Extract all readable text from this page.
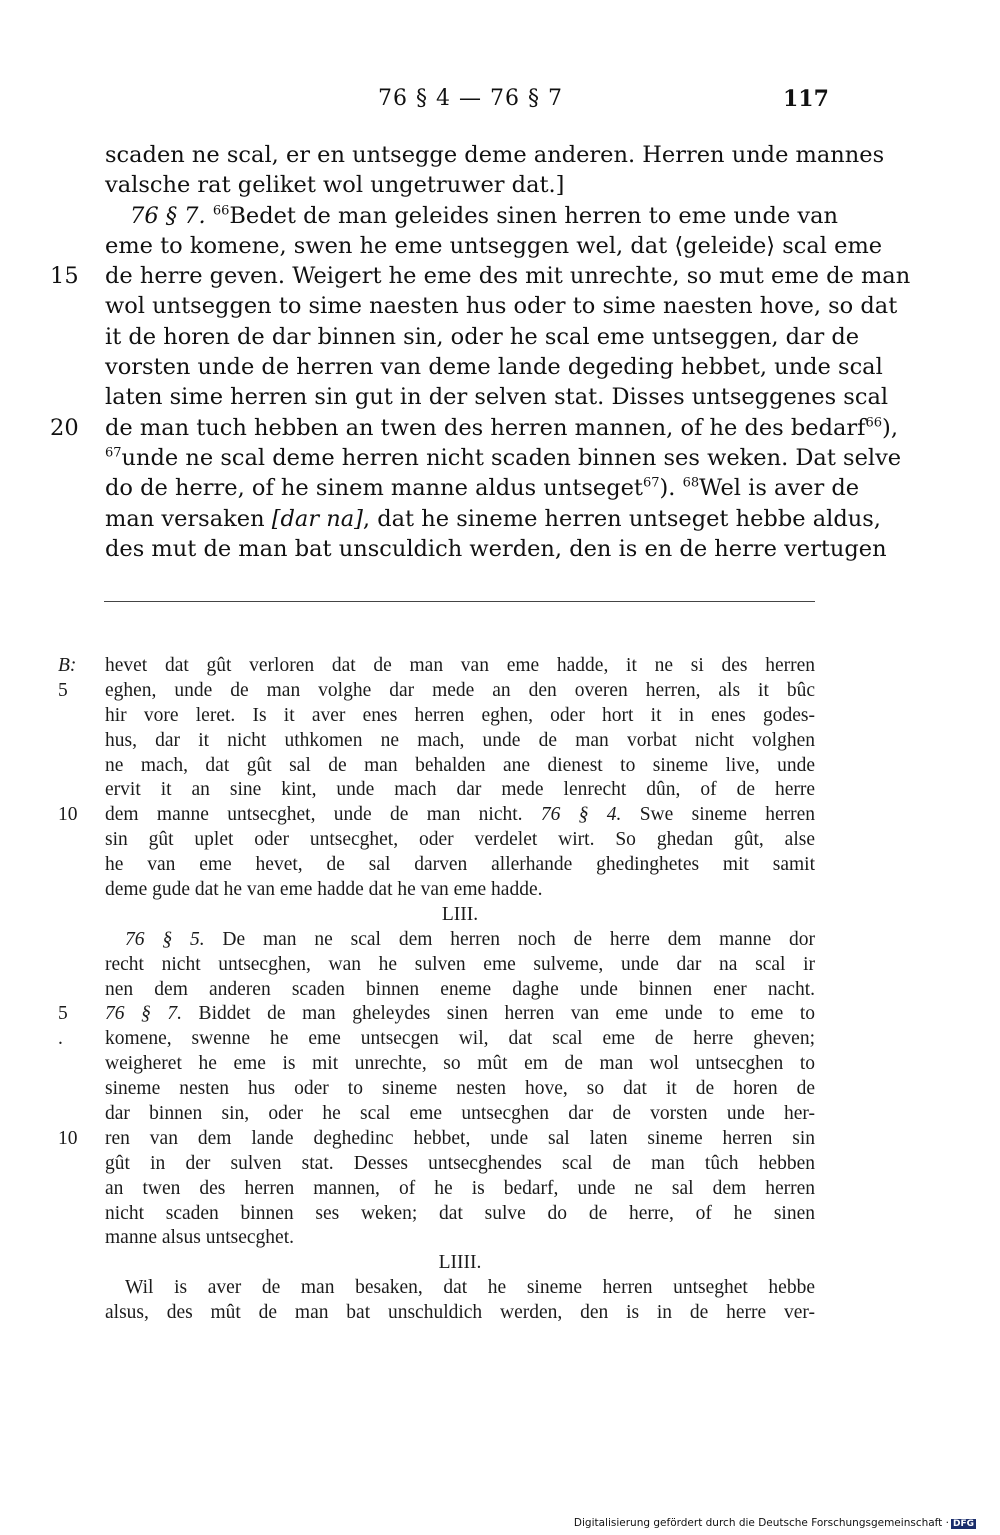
76 § 4 — 76 § 7	117
scaden ne scal, er en untsegge deme anderen. Herren unde mannes
valsche rat geliket wol ungetruwer dat.]
76 § 7. $^{66}$Bedet de man geleides sinen herren to eme unde van
eme to komene, swen he eme untseggen wel, dat ⟨geleide⟩ scal eme
15 de herre geven. Weigert he eme des mit unrechte, so mut eme de man
wol untseggen to sime naesten hus oder to sime naesten hove, so dat
it de horen de dar binnen sin, oder he scal eme untseggen, dar de
vorsten unde de herren van deme lande degeding hebbet, unde scal
laten sime herren sin gut in der selven stat. Disses untseggenes scal
20 de man tuch hebben an twen des herren mannen, of he des bedarf$^{66}$),
$^{67}$unde ne scal deme herren nicht scaden binnen ses weken. Dat selve
do de herre, of he sinem manne aldus untseget$^{67}$). $^{68}$Wel is aver de
man versaken [dar na], dat he sineme herren untseget hebbe aldus,
des mut de man bat unsculdich werden, den is en de herre vertugen
B: hevet dat gût verloren dat de man van eme hadde, it ne si des herren
5 eghen, unde de man volghe dar mede an den overen herren, als it bûc
hir vore leret. Is it aver enes herren eghen, oder hort it in enes godes-
hus, dar it nicht uthkomen ne mach, unde de man vorbat nicht volghen
ne mach, dat gût sal de man behalden ane dienest to sineme live, unde
ervit it an sine kint, unde mach dar mede lenrecht dûn, of de herre
10 dem manne untsecghet, unde de man nicht. 76 § 4. Swe sineme herren
sin gût uplet oder untsecghet, oder verdelet wirt. So ghedan gût, alse
he van eme hevet, de sal darven allerhande ghedinghetes mit samit
deme gude dat he van eme hadde dat he van eme hadde.
LIII.
76 § 5. De man ne scal dem herren noch de herre dem manne dor
recht nicht untsecghen, wan he sulven eme sulveme, unde dar na scal ir
nen dem anderen scaden binnen eneme daghe unde binnen ener nacht.
5 76 § 7. Biddet de man gheleydes sinen herren van eme unde to eme to
. komene, swenne he eme untsecgen wil, dat scal eme de herre gheven;
weigheret he eme is mit unrechte, so mût em de man wol untsecghen to
sineme nesten hus oder to sineme nesten hove, so dat it de horen de
dar binnen sin, oder he scal eme untsecghen dar de vorsten unde her-
10 ren van dem lande deghedinc hebbet, unde sal laten sineme herren sin
gût in der sulven stat. Desses untsecghendes scal de man tûch hebben
an twen des herren mannen, of he is bedarf, unde ne sal dem herren
nicht scaden binnen ses weken; dat sulve do de herre, of he sinen
manne alsus untsecghet.
LIIII.
Wil is aver de man besaken, dat he sineme herren untseghet hebbe
alsus, des mût de man bat unschuldich werden, den is in de herre ver-
Digitalisierung gefördert durch die Deutsche Forschungsgemeinschaft · DFG
